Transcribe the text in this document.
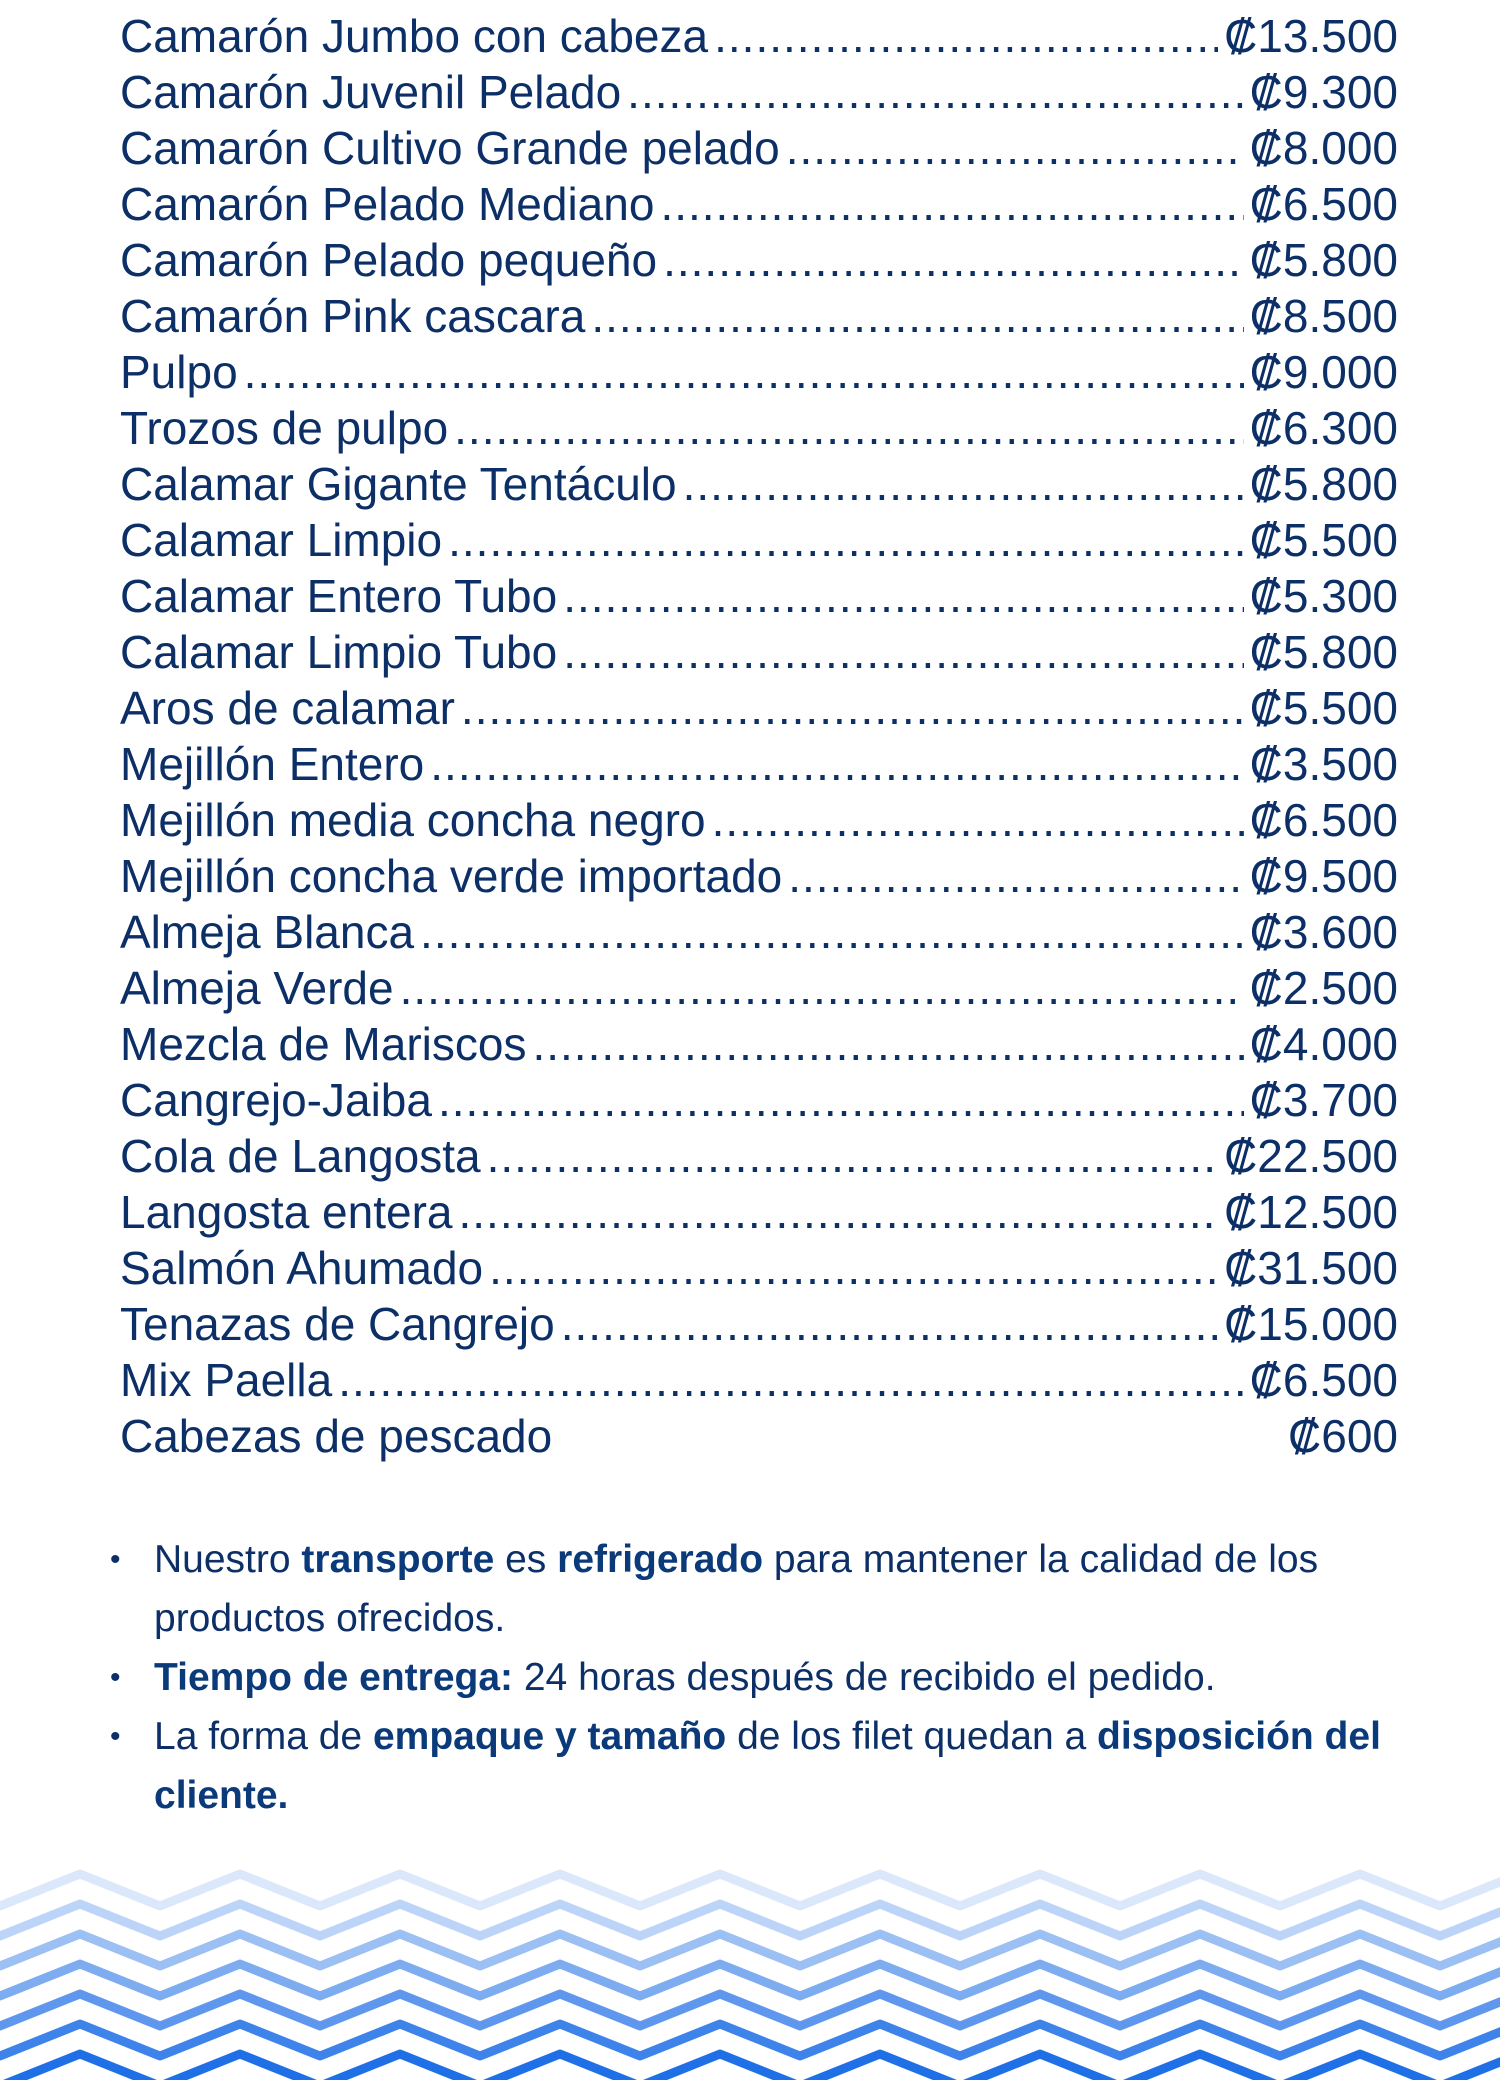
Camarón Jumbo con cabeza .....	₡13.500
Camarón Juvenil Pelado .....	₡9.300
Camarón Cultivo Grande pelado .....	₡8.000
Camarón Pelado Mediano .....	₡6.500
Camarón Pelado pequeño .....	₡5.800
Camarón Pink cascara .....	₡8.500
Pulpo .....	₡9.000
Trozos de pulpo .....	₡6.300
Calamar Gigante Tentáculo .....	₡5.800
Calamar Limpio .....	₡5.500
Calamar Entero Tubo .....	₡5.300
Calamar Limpio Tubo .....	₡5.800
Aros de calamar .....	₡5.500
Mejillón Entero .....	₡3.500
Mejillón media concha negro .....	₡6.500
Mejillón concha verde importado .....	₡9.500
Almeja Blanca .....	₡3.600
Almeja Verde .....	₡2.500
Mezcla de Mariscos .....	₡4.000
Cangrejo-Jaiba .....	₡3.700
Cola de Langosta .....	₡22.500
Langosta entera .....	₡12.500
Salmón Ahumado .....	₡31.500
Tenazas de Cangrejo .....	₡15.000
Mix Paella .....	₡6.500
Cabezas de pescado	₡600
• Nuestro transporte es refrigerado para mantener la calidad de los productos ofrecidos.
• Tiempo de entrega: 24 horas después de recibido el pedido.
• La forma de empaque y tamaño de los filet quedan a disposición del cliente.
